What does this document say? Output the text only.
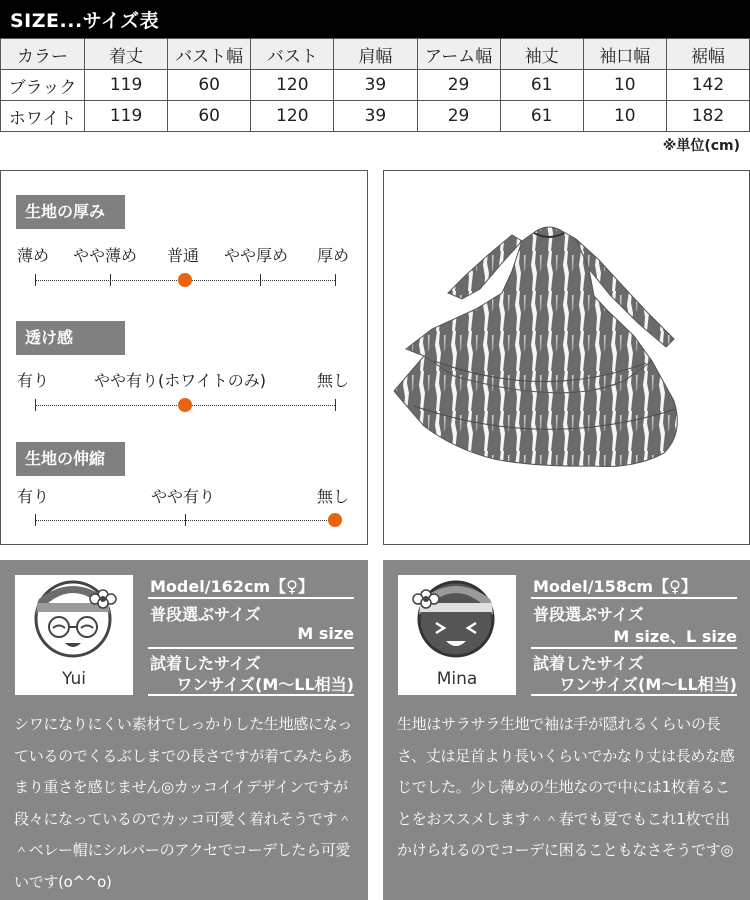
SIZE...サイズ表
カラー	着丈	バスト幅	バスト	肩幅	アーム幅	袖丈	袖口幅	裾幅
ブラック	119	60	120	39	29	61	10	142
ホワイト	119	60	120	39	29	61	10	182
※単位(cm)
生地の厚み
薄め やや薄め 普通 やや厚め 厚め
透け感
有り	やや有り(ホワイトのみ)	無し
生地の伸縮
有り	やや有り	無し
Yui
Model/162cm【♀】
普段選ぶサイズ
M size
試着したサイズ
ワンサイズ(M〜LL相当)
シワになりにくい素材でしっかりした生地感になっているのでくるぶしまでの長さですが着てみたらあまり重さを感じません◎カッコイイデザインですが段々になっているのでカッコ可愛く着れそうです＾＾ベレー帽にシルバーのアクセでコーデしたら可愛いです(o^^o)
Mina
Model/158cm【♀】
普段選ぶサイズ
M size、L size
試着したサイズ
ワンサイズ(M〜LL相当)
生地はサラサラ生地で袖は手が隠れるくらいの長さ、丈は足首より長いくらいでかなり丈は長めな感じでした。少し薄めの生地なので中には1枚着ることをおススメします＾＾春でも夏でもこれ1枚で出かけられるのでコーデに困ることもなさそうです◎
